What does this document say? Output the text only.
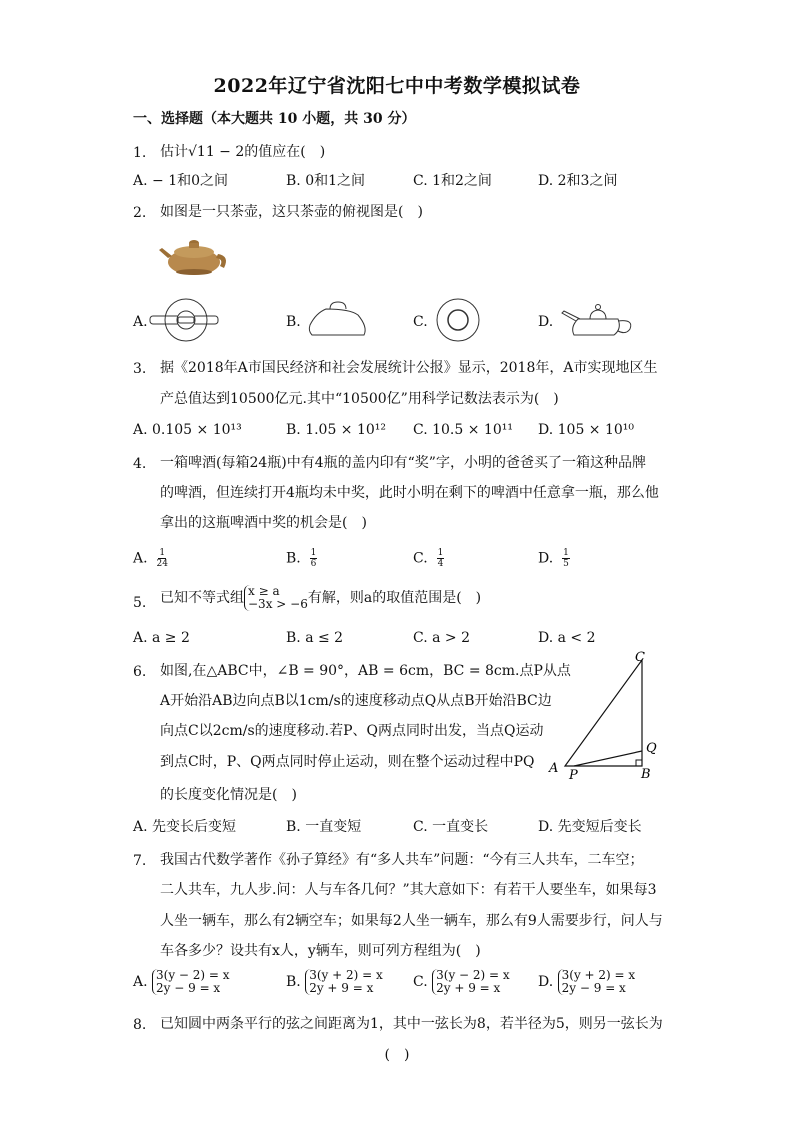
2022年辽宁省沈阳七中中考数学模拟试卷
一、选择题（本大题共 10 小题，共 30 分）
1. 估计√11 − 2的值应在(　)
A. − 1和0之间	B. 0和1之间	C. 1和2之间	D. 2和3之间
2. 如图是一只茶壶，这只茶壶的俯视图是(　)
A.	B.	C.	D.
3. 据《2018年A市国民经济和社会发展统计公报》显示，2018年，A市实现地区生
产总值达到10500亿元.其中“10500亿”用科学记数法表示为(　)
A. 0.105 × 10¹³	B. 1.05 × 10¹² C. 10.5 × 10¹¹ D. 105 × 10¹⁰
4. 一箱啤酒(每箱24瓶)中有4瓶的盖内印有“奖”字，小明的爸爸买了一箱这种品牌
的啤酒，但连续打开4瓶均未中奖，此时小明在剩下的啤酒中任意拿一瓶，那么他
拿出的这瓶啤酒中奖的机会是(　)
A. $\frac{1}{24}$	B. $\frac{1}{6}$	C. $\frac{1}{4}$	D. $\frac{1}{5}$
5. 已知不等式组 x ≥ a
−3x > −6 有解，则a的取值范围是(　)
A. a ≥ 2	B. a ≤ 2	C. a > 2	D. a < 2
6. 如图,在△ABC中，∠B = 90°，AB = 6cm，BC = 8cm.点P从点
A开始沿AB边向点B以1cm/s的速度移动点Q从点B开始沿BC边
向点C以2cm/s的速度移动.若P、Q两点同时出发，当点Q运动
到点C时，P、Q两点同时停止运动，则在整个运动过程中PQ
的长度变化情况是(　)
C
Q
A P	B
A. 先变长后变短	B. 一直变短	C. 一直变长	D. 先变短后变长
7. 我国古代数学著作《孙子算经》有“多人共车”问题：“今有三人共车，二车空；
二人共车，九人步.问：人与车各几何？”其大意如下：有若干人要坐车，如果每3
人坐一辆车，那么有2辆空车；如果每2人坐一辆车，那么有9人需要步行，问人与
车各多少？设共有x人，y辆车，则可列方程组为(　)
A. 3(y − 2) = x
2y − 9 = x	B. 3(y + 2) = x
2y + 9 = x	C. 3(y − 2) = x
2y + 9 = x	D. 3(y + 2) = x
2y − 9 = x
8. 已知圆中两条平行的弦之间距离为1，其中一弦长为8，若半径为5，则另一弦长为
(　)
